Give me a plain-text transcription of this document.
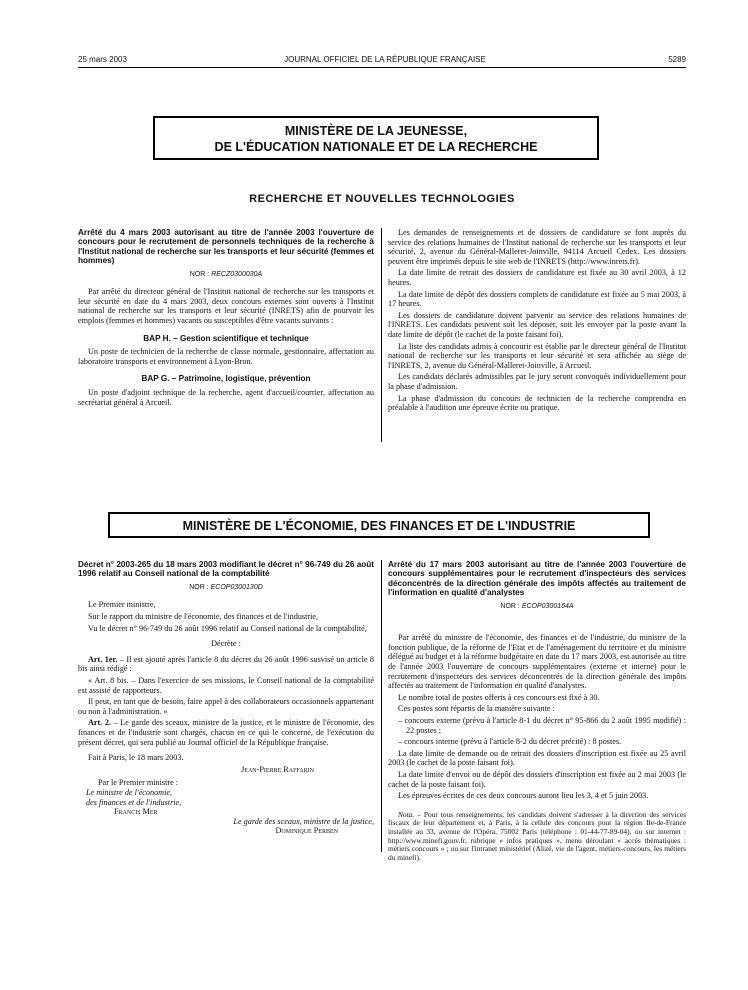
25 mars 2003	JOURNAL OFFICIEL DE LA RÉPUBLIQUE FRANÇAISE	5289
MINISTÈRE DE LA JEUNESSE,
DE L'ÉDUCATION NATIONALE ET DE LA RECHERCHE
RECHERCHE ET NOUVELLES TECHNOLOGIES
Arrêté du 4 mars 2003 autorisant au titre de l'année 2003 l'ouverture de concours pour le recrutement de personnels techniques de la recherche à l'Institut national de recherche sur les transports et leur sécurité (femmes et hommes)
NOR : RECZ0300030A

Par arrêté du directeur général de l'Institut national de recherche sur les transports et leur sécurité en date du 4 mars 2003, deux concours externes sont ouverts à l'Institut national de recherche sur les transports et leur sécurité (INRETS) afin de pourvoir les emplois (femmes et hommes) vacants ou susceptibles d'être vacants suivants :

BAP H. – Gestion scientifique et technique

Un poste de technicien de la recherche de classe normale, gestionnaire, affectation au laboratoire transports et environnement à Lyon-Bron.

BAP G. – Patrimoine, logistique, prévention

Un poste d'adjoint technique de la recherche, agent d'accueil/courrier, affectation au secrétariat général à Arcueil.

Les demandes de renseignements et de dossiers de candidature se font auprès du service des relations humaines de l'Institut national de recherche sur les transports et leur sécurité, 2, avenue du Général-Malleret-Joinville, 94114 Arcueil Cedex. Les dossiers peuvent être imprimés depuis le site web de l'INRETS (http://www.inrets.fr).

La date limite de retrait des dossiers de candidature est fixée au 30 avril 2003, à 12 heures.

La date limite de dépôt des dossiers complets de candidature est fixée au 5 mai 2003, à 17 heures.

Les dossiers de candidature doivent parvenir au service des relations humaines de l'INRETS. Les candidats peuvent soit les déposer, soit les envoyer par la poste avant la date limite de dépôt (le cachet de la poste faisant foi).

La liste des candidats admis à concourir est établie par le directeur général de l'Institut national de recherche sur les transports et leur sécurité et sera affichée au siège de l'INRETS, 2, avenue du Général-Malleret-Joinville, à Arcueil.

Les candidats déclarés admissibles par le jury seront convoqués individuellement pour la phase d'admission.

La phase d'admission du concours de technicien de la recherche comprendra en préalable à l'audition une épreuve écrite ou pratique.

MINISTÈRE DE L'ÉCONOMIE, DES FINANCES ET DE L'INDUSTRIE
Décret n° 2003-265 du 18 mars 2003 modifiant le décret n° 96-749 du 26 août 1996 relatif au Conseil national de la comptabilité
NOR : ECOP0300130D

Le Premier ministre,

Sur le rapport du ministre de l'économie, des finances et de l'industrie,

Vu le décret n° 96-749 du 26 août 1996 relatif au Conseil national de la comptabilité,

Décrète :

Art. 1er. – Il est ajouté après l'article 8 du décret du 26 août 1996 susvisé un article 8 bis ainsi rédigé :

« Art. 8 bis. – Dans l'exercice de ses missions, le Conseil national de la comptabilité est assisté de rapporteurs.

Il peut, en tant que de besoin, faire appel à des collaborateurs occasionnels appartenant ou non à l'administration. »

Art. 2. – Le garde des sceaux, ministre de la justice, et le ministre de l'économie, des finances et de l'industrie sont chargés, chacun en ce qui le concerne, de l'exécution du présent décret, qui sera publié au Journal officiel de la République française.

Fait à Paris, le 18 mars 2003.

Jean-Pierre Raffarin
Par le Premier ministre :
Le ministre de l'économie,
des finances et de l'industrie,
Francis Mer
Le garde des sceaux, ministre de la justice,
Dominique Perben
Arrêté du 17 mars 2003 autorisant au titre de l'année 2003 l'ouverture de concours supplémentaires pour le recrutement d'inspecteurs des services déconcentrés de la direction générale des impôts affectés au traitement de l'information en qualité d'analystes
NOR : ECOP0300164A

Par arrêté du ministre de l'économie, des finances et de l'industrie, du ministre de la fonction publique, de la réforme de l'Etat et de l'aménagement du territoire et du ministre délégué au budget et à la réforme budgétaire en date du 17 mars 2003, est autorisée au titre de l'année 2003 l'ouverture de concours supplémentaires (externe et interne) pour le recrutement d'inspecteurs des services déconcentrés de la direction générale des impôts affectés au traitement de l'information en qualité d'analystes.

Le nombre total de postes offerts à ces concours est fixé à 30.

Ces postes sont répartis de la manière suivante :

– concours externe (prévu à l'article 8-1 du décret n° 95-866 du 2 août 1995 modifié) : 22 postes ;

– concours interne (prévu à l'article 8-2 du décret précité) : 8 postes.

La date limite de demande ou de retrait des dossiers d'inscription est fixée au 25 avril 2003 (le cachet de la poste faisant foi).

La date limite d'envoi ou de dépôt des dossiers d'inscription est fixée au 2 mai 2003 (le cachet de la poste faisant foi).

Les épreuves écrites de ces deux concours auront lieu les 3, 4 et 5 juin 2003.

Nota. – Pour tous renseignements, les candidats doivent s'adresser à la direction des services fiscaux de leur département et, à Paris, à la cellule des concours pour la région Ile-de-France installée au 33, avenue de l'Opéra, 75002 Paris (téléphone : 01-44-77-89-04), ou sur internet : http://www.minefi.gouv.fr, rubrique « infos pratiques », menu déroulant « accès thématiques : métiers concours » ; ou sur l'intranet ministériel (Alizé, vie de l'agent, métiers-concours, les métiers du minefi).
